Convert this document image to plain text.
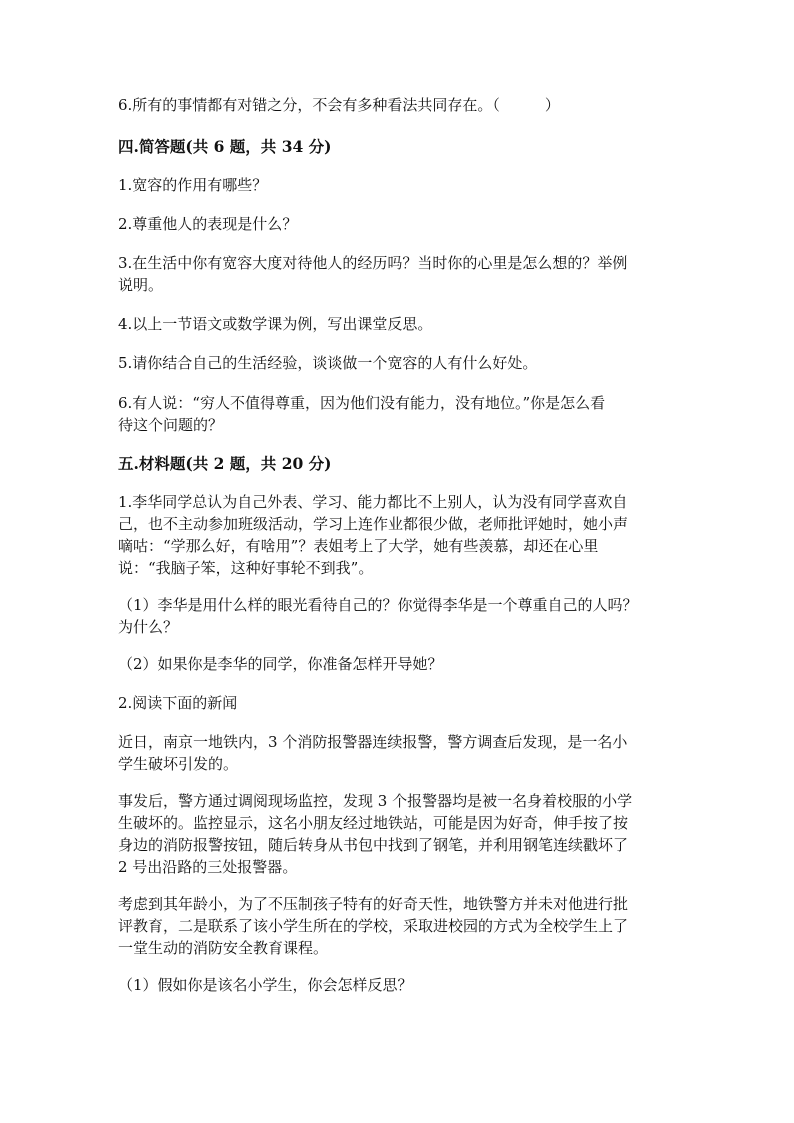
6.所有的事情都有对错之分，不会有多种看法共同存在。（　　　）

四.简答题(共 6 题，共 34 分)

1.宽容的作用有哪些？

2.尊重他人的表现是什么？

3.在生活中你有宽容大度对待他人的经历吗？当时你的心里是怎么想的？举例
说明。

4.以上一节语文或数学课为例，写出课堂反思。

5.请你结合自己的生活经验，谈谈做一个宽容的人有什么好处。

6.有人说：“穷人不值得尊重，因为他们没有能力，没有地位。”你是怎么看
待这个问题的？

五.材料题(共 2 题，共 20 分)

1.李华同学总认为自己外表、学习、能力都比不上别人，认为没有同学喜欢自
己，也不主动参加班级活动，学习上连作业都很少做，老师批评她时，她小声
嘀咕：“学那么好，有啥用”？表姐考上了大学，她有些羡慕，却还在心里
说：“我脑子笨，这种好事轮不到我”。

（1）李华是用什么样的眼光看待自己的？你觉得李华是一个尊重自己的人吗？
为什么？

（2）如果你是李华的同学，你准备怎样开导她？

2.阅读下面的新闻

近日，南京一地铁内，3 个消防报警器连续报警，警方调查后发现，是一名小
学生破坏引发的。

事发后，警方通过调阅现场监控，发现 3 个报警器均是被一名身着校服的小学
生破坏的。监控显示，这名小朋友经过地铁站，可能是因为好奇，伸手按了按
身边的消防报警按钮，随后转身从书包中找到了钢笔，并利用钢笔连续戳坏了
2 号出沿路的三处报警器。

考虑到其年龄小，为了不压制孩子特有的好奇天性，地铁警方并未对他进行批
评教育，二是联系了该小学生所在的学校，采取进校园的方式为全校学生上了
一堂生动的消防安全教育课程。

（1）假如你是该名小学生，你会怎样反思？
